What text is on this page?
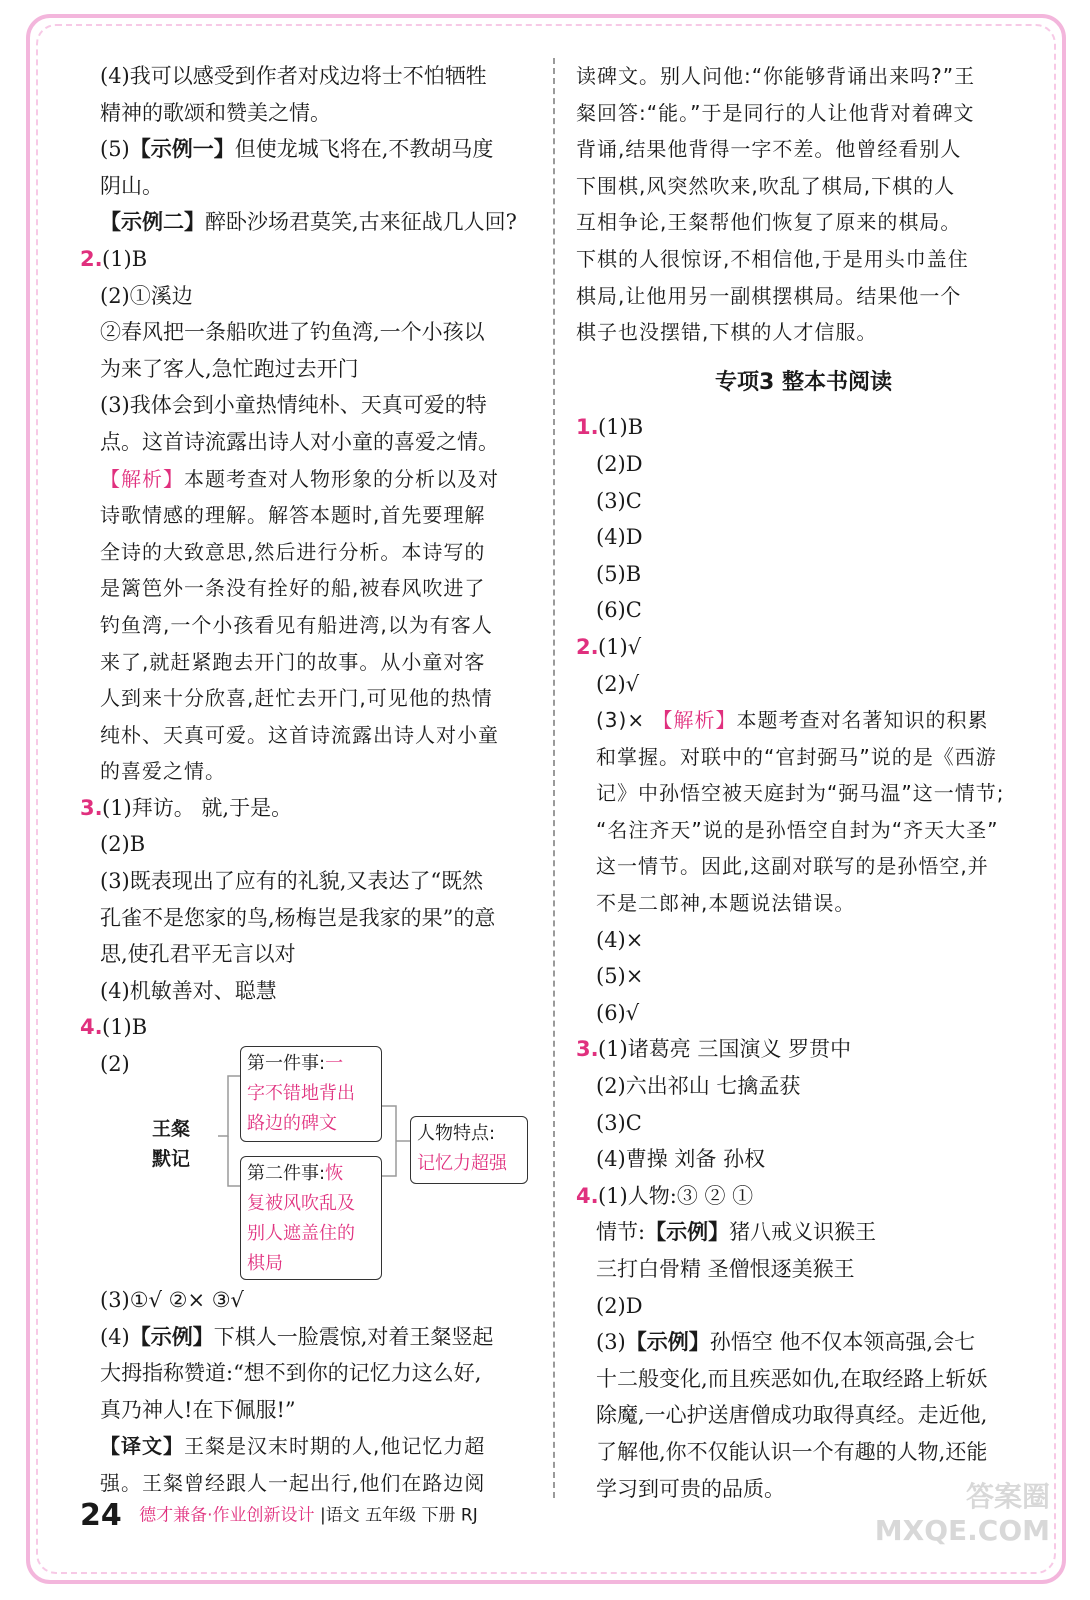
(4)我可以感受到作者对戍边将士不怕牺牲
精神的歌颂和赞美之情。
(5)【示例一】但使龙城飞将在,不教胡马度
阴山。
【示例二】醉卧沙场君莫笑,古来征战几人回?
2.(1)B
(2)①溪边
②春风把一条船吹进了钓鱼湾,一个小孩以
为来了客人,急忙跑过去开门
(3)我体会到小童热情纯朴、天真可爱的特
点。这首诗流露出诗人对小童的喜爱之情。
【解析】本题考查对人物形象的分析以及对
诗歌情感的理解。解答本题时,首先要理解
全诗的大致意思,然后进行分析。本诗写的
是篱笆外一条没有拴好的船,被春风吹进了
钓鱼湾,一个小孩看见有船进湾,以为有客人
来了,就赶紧跑去开门的故事。从小童对客
人到来十分欣喜,赶忙去开门,可见他的热情
纯朴、天真可爱。这首诗流露出诗人对小童
的喜爱之情。
3.(1)拜访。 就,于是。
(2)B
(3)既表现出了应有的礼貌,又表达了“既然
孔雀不是您家的鸟,杨梅岂是我家的果”的意
思,使孔君平无言以对
(4)机敏善对、聪慧
4.(1)B
(2)
王粲
默记
第一件事:一
字不错地背出
路边的碑文
第二件事:恢
复被风吹乱及
别人遮盖住的
棋局
人物特点:
记忆力超强
(3)①√ ②× ③√
(4)【示例】下棋人一脸震惊,对着王粲竖起
大拇指称赞道:“想不到你的记忆力这么好,
真乃神人!在下佩服!”
【译文】王粲是汉末时期的人,他记忆力超
强。王粲曾经跟人一起出行,他们在路边阅
读碑文。别人问他:“你能够背诵出来吗?”王
粲回答:“能。”于是同行的人让他背对着碑文
背诵,结果他背得一字不差。他曾经看别人
下围棋,风突然吹来,吹乱了棋局,下棋的人
互相争论,王粲帮他们恢复了原来的棋局。
下棋的人很惊讶,不相信他,于是用头巾盖住
棋局,让他用另一副棋摆棋局。结果他一个
棋子也没摆错,下棋的人才信服。
专项3 整本书阅读
1.(1)B
(2)D
(3)C
(4)D
(5)B
(6)C
2.(1)√
(2)√
(3)× 【解析】本题考查对名著知识的积累
和掌握。对联中的“官封弼马”说的是《西游
记》中孙悟空被天庭封为“弼马温”这一情节;
“名注齐天”说的是孙悟空自封为“齐天大圣”
这一情节。因此,这副对联写的是孙悟空,并
不是二郎神,本题说法错误。
(4)×
(5)×
(6)√
3.(1)诸葛亮 三国演义 罗贯中
(2)六出祁山 七擒孟获
(3)C
(4)曹操 刘备 孙权
4.(1)人物:③ ② ①
情节:【示例】猪八戒义识猴王
三打白骨精 圣僧恨逐美猴王
(2)D
(3)【示例】孙悟空 他不仅本领高强,会七
十二般变化,而且疾恶如仇,在取经路上斩妖
除魔,一心护送唐僧成功取得真经。走近他,
了解他,你不仅能认识一个有趣的人物,还能
学习到可贵的品质。
24 德才兼备·作业创新设计 |语文 五年级 下册 RJ
答案圈
MXQE.COM
